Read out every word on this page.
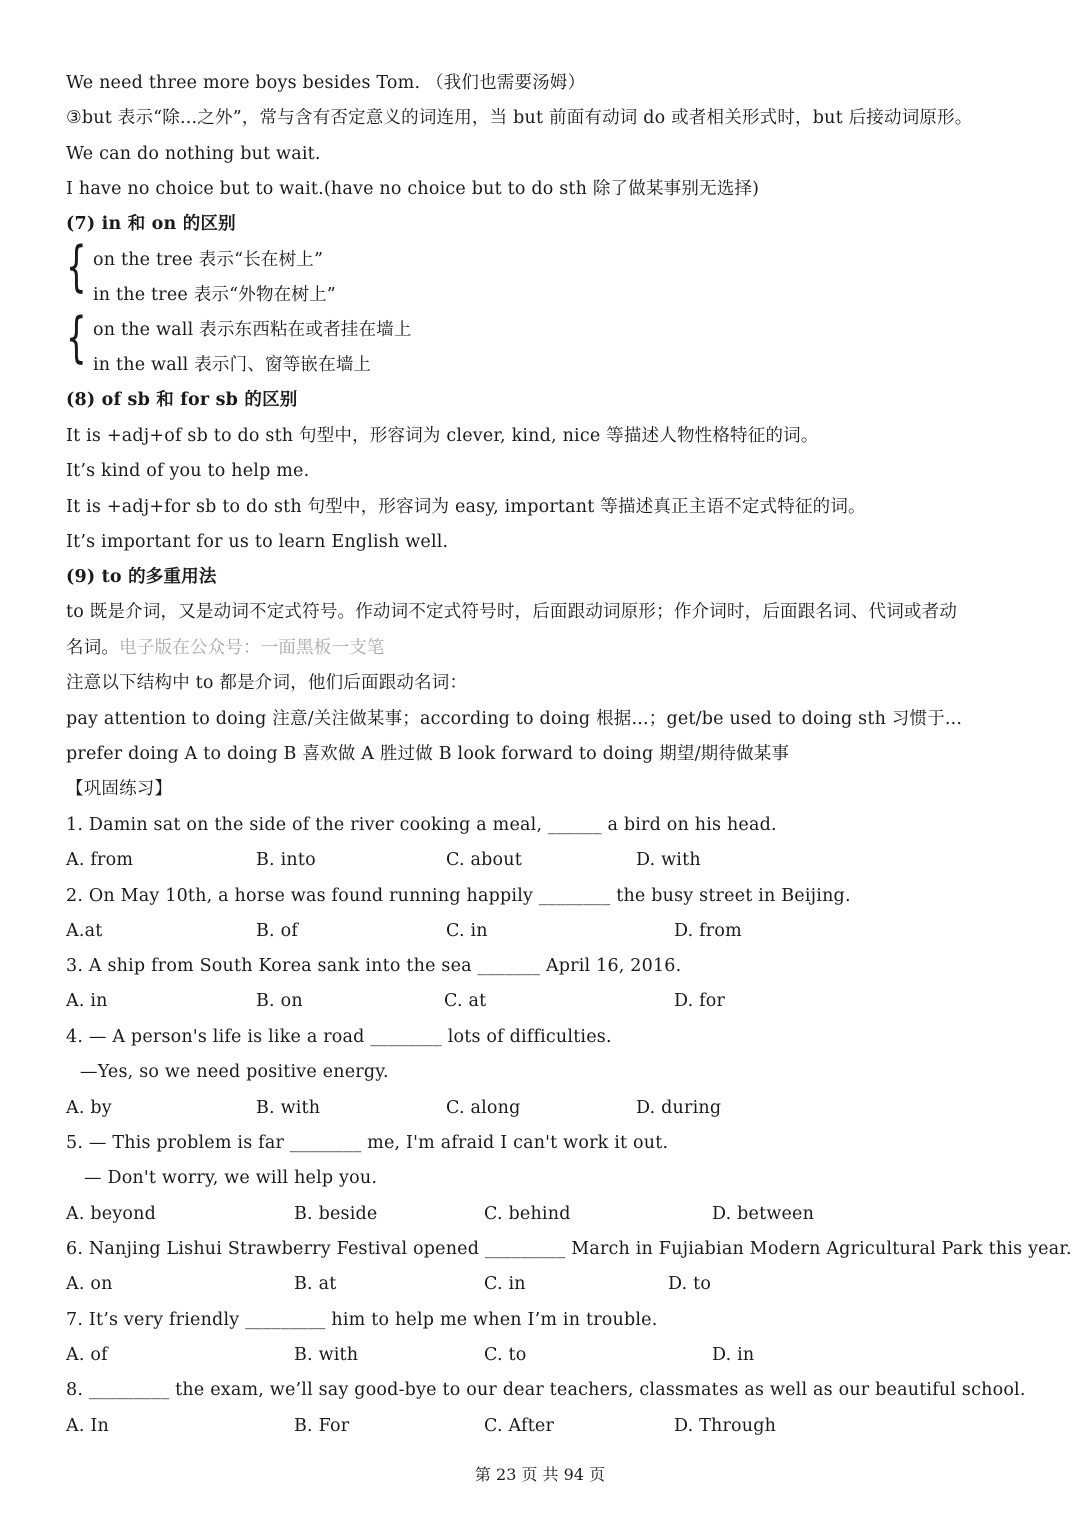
We need three more boys besides Tom. （我们也需要汤姆）
③but 表示“除...之外”，常与含有否定意义的词连用，当 but 前面有动词 do 或者相关形式时，but 后接动词原形。
We can do nothing but wait.
I have no choice but to wait.(have no choice but to do sth 除了做某事别无选择)
(7) in 和 on 的区别
{ on the tree 表示“长在树上”
in the tree 表示“外物在树上”
{ on the wall 表示东西粘在或者挂在墙上
in the wall 表示门、窗等嵌在墙上
(8) of sb 和 for sb 的区别
It is +adj+of sb to do sth 句型中，形容词为 clever, kind, nice 等描述人物性格特征的词。
It’s kind of you to help me.
It is +adj+for sb to do sth 句型中，形容词为 easy, important 等描述真正主语不定式特征的词。
It’s important for us to learn English well.
(9) to 的多重用法
to 既是介词，又是动词不定式符号。作动词不定式符号时，后面跟动词原形；作介词时，后面跟名词、代词或者动
名词。电子版在公众号：一面黑板一支笔
注意以下结构中 to 都是介词，他们后面跟动名词：
pay attention to doing 注意/关注做某事；according to doing 根据...；get/be used to doing sth 习惯于...
prefer doing A to doing B 喜欢做 A 胜过做 B look forward to doing 期望/期待做某事
【巩固练习】
1. Damin sat on the side of the river cooking a meal, ______ a bird on his head.
A. from	B. into	C. about	D. with
2. On May 10th, a horse was found running happily ________ the busy street in Beijing.
A.at	B. of	C. in	D. from
3. A ship from South Korea sank into the sea _______ April 16, 2016.
A. in	B. on	C. at	D. for
4. — A person's life is like a road ________ lots of difficulties.
—Yes, so we need positive energy.
A. by	B. with	C. along	D. during
5. — This problem is far ________ me, I'm afraid I can't work it out.
— Don't worry, we will help you.
A. beyond	B. beside	C. behind	D. between
6. Nanjing Lishui Strawberry Festival opened _________ March in Fujiabian Modern Agricultural Park this year.
A. on	B. at	C. in	D. to
7. It’s very friendly _________ him to help me when I’m in trouble.
A. of	B. with	C. to	D. in
8. _________ the exam, we’ll say good-bye to our dear teachers, classmates as well as our beautiful school.
A. In	B. For	C. After	D. Through
第 23 页 共 94 页
